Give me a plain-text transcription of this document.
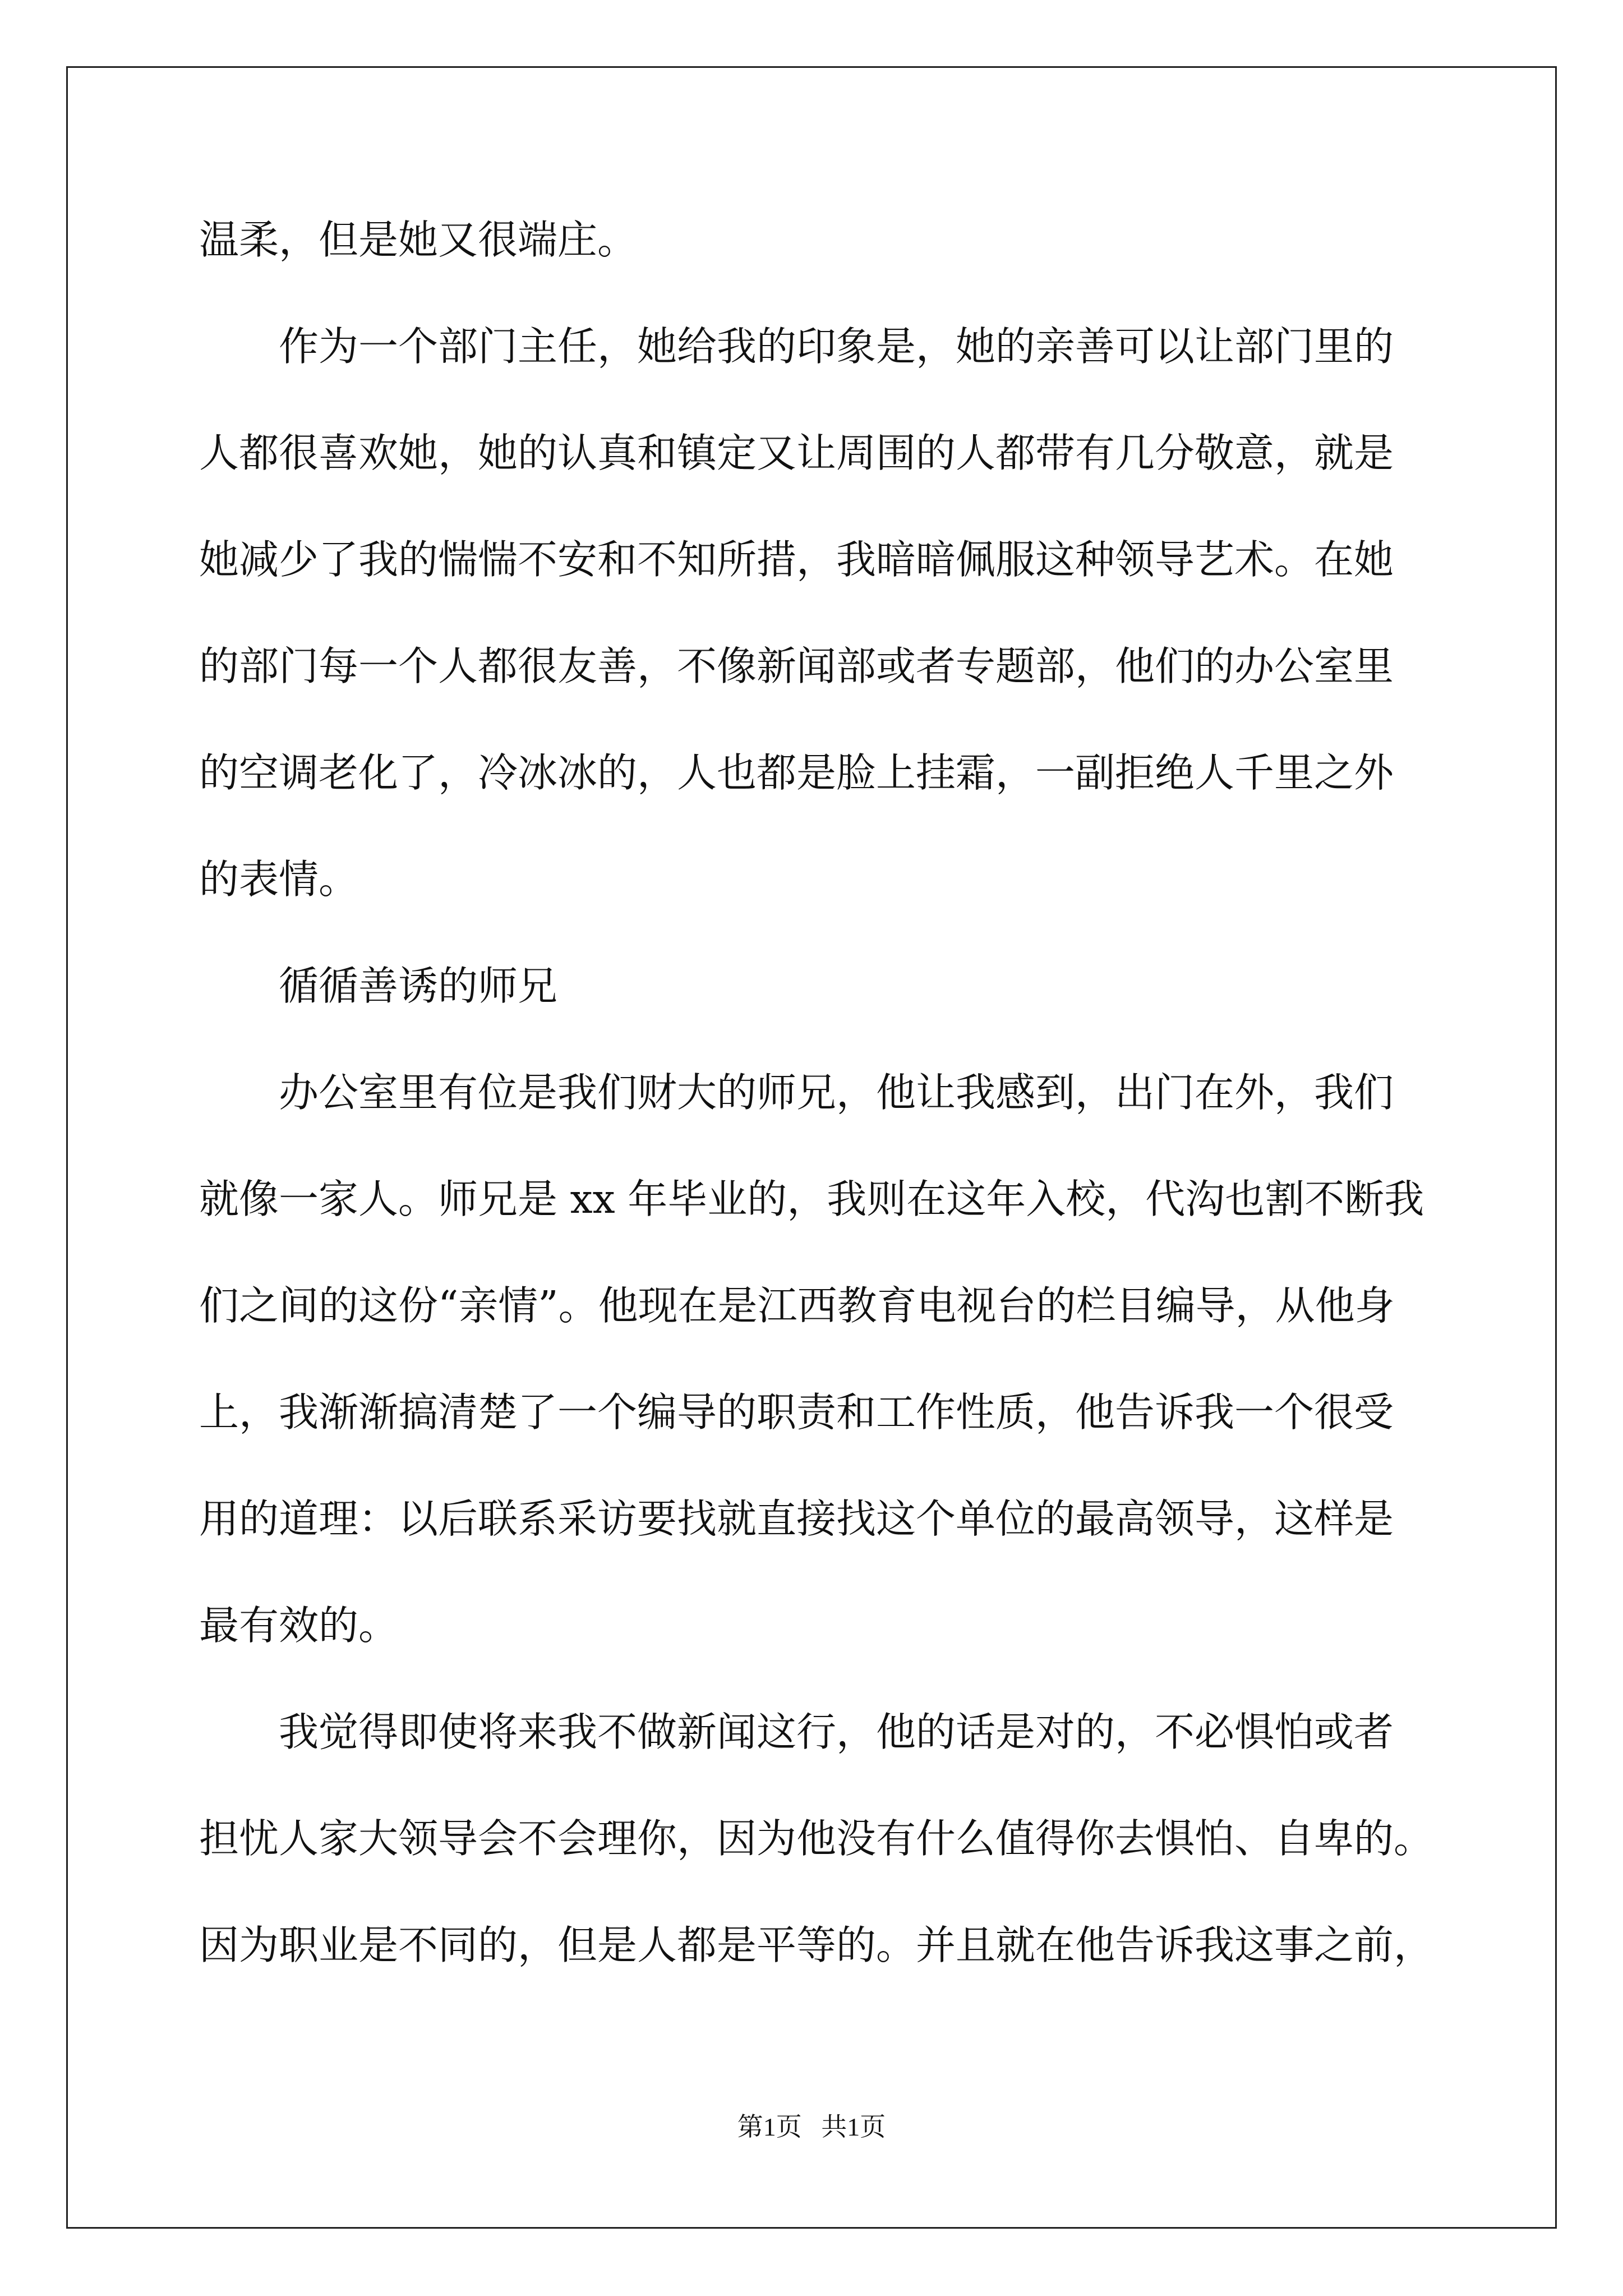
温柔，但是她又很端庄。
　　作为一个部门主任，她给我的印象是，她的亲善可以让部门里的
人都很喜欢她，她的认真和镇定又让周围的人都带有几分敬意，就是
她减少了我的惴惴不安和不知所措，我暗暗佩服这种领导艺术。在她
的部门每一个人都很友善，不像新闻部或者专题部，他们的办公室里
的空调老化了，冷冰冰的，人也都是脸上挂霜，一副拒绝人千里之外
的表情。
　　循循善诱的师兄
　　办公室里有位是我们财大的师兄，他让我感到，出门在外，我们
就像一家人。师兄是 xx 年毕业的，我则在这年入校，代沟也割不断我
们之间的这份“亲情”。他现在是江西教育电视台的栏目编导，从他身
上，我渐渐搞清楚了一个编导的职责和工作性质，他告诉我一个很受
用的道理：以后联系采访要找就直接找这个单位的最高领导，这样是
最有效的。
　　我觉得即使将来我不做新闻这行，他的话是对的，不必惧怕或者
担忧人家大领导会不会理你，因为他没有什么值得你去惧怕、自卑的。
因为职业是不同的，但是人都是平等的。并且就在他告诉我这事之前，
第1页 共1页
